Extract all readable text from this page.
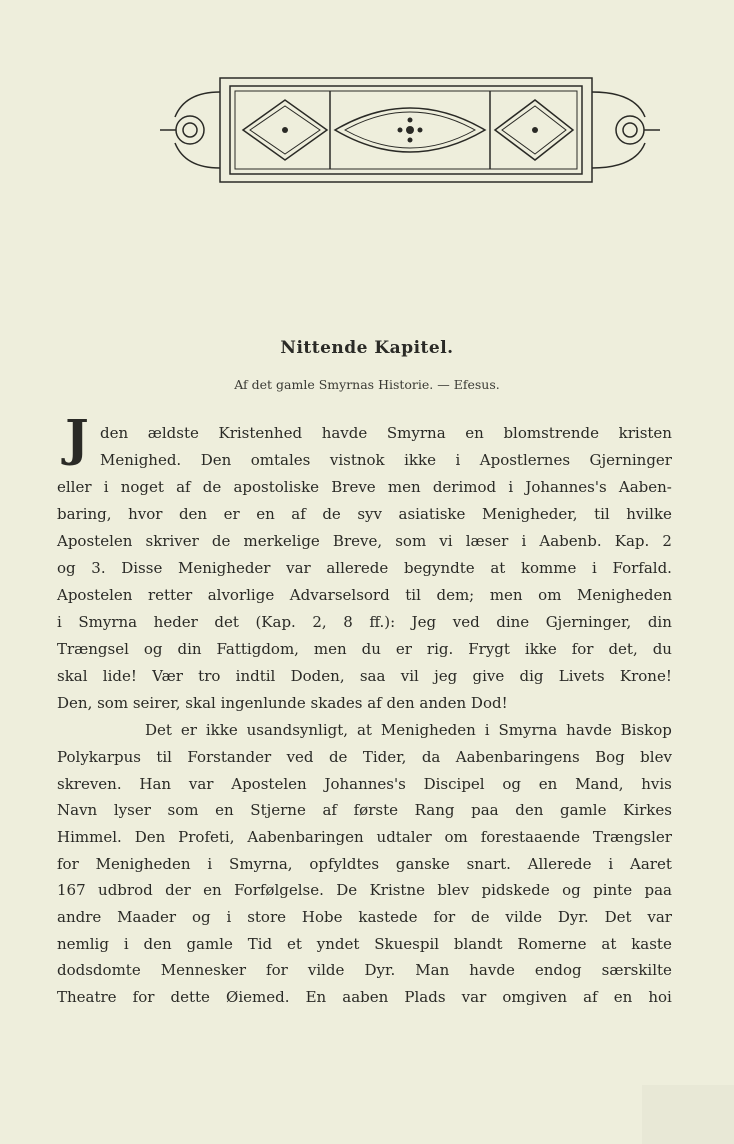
Nittende Kapitel.
Af det gamle Smyrnas Historie. — Efesus.
J den ældste Kristenhed havde Smyrna en blomstrende kristen
Menighed. Den omtales vistnok ikke i Apostlernes Gjerninger
eller i noget af de apostoliske Breve men derimod i Johannes's Aaben-
baring, hvor den er en af de syv asiatiske Menigheder, til hvilke
Apostelen skriver de merkelige Breve, som vi læser i Aabenb. Kap. 2
og 3. Disse Menigheder var allerede begyndte at komme i Forfald.
Apostelen retter alvorlige Advarselsord til dem; men om Menigheden
i Smyrna heder det (Kap. 2, 8 ff.): Jeg ved dine Gjerninger, din
Trængsel og din Fattigdom, men du er rig. Frygt ikke for det, du
skal lide! Vær tro indtil Doden, saa vil jeg give dig Livets Krone!
Den, som seirer, skal ingenlunde skades af den anden Dod!
Det er ikke usandsynligt, at Menigheden i Smyrna havde Biskop
Polykarpus til Forstander ved de Tider, da Aabenbaringens Bog blev
skreven. Han var Apostelen Johannes's Discipel og en Mand, hvis
Navn lyser som en Stjerne af første Rang paa den gamle Kirkes
Himmel. Den Profeti, Aabenbaringen udtaler om forestaaende Trængsler
for Menigheden i Smyrna, opfyldtes ganske snart. Allerede i Aaret
167 udbrod der en Forfølgelse. De Kristne blev pidskede og pinte paa
andre Maader og i store Hobe kastede for de vilde Dyr. Det var
nemlig i den gamle Tid et yndet Skuespil blandt Romerne at kaste
dodsdomte Mennesker for vilde Dyr. Man havde endog særskilte
Theatre for dette Øiemed. En aaben Plads var omgiven af en hoi
